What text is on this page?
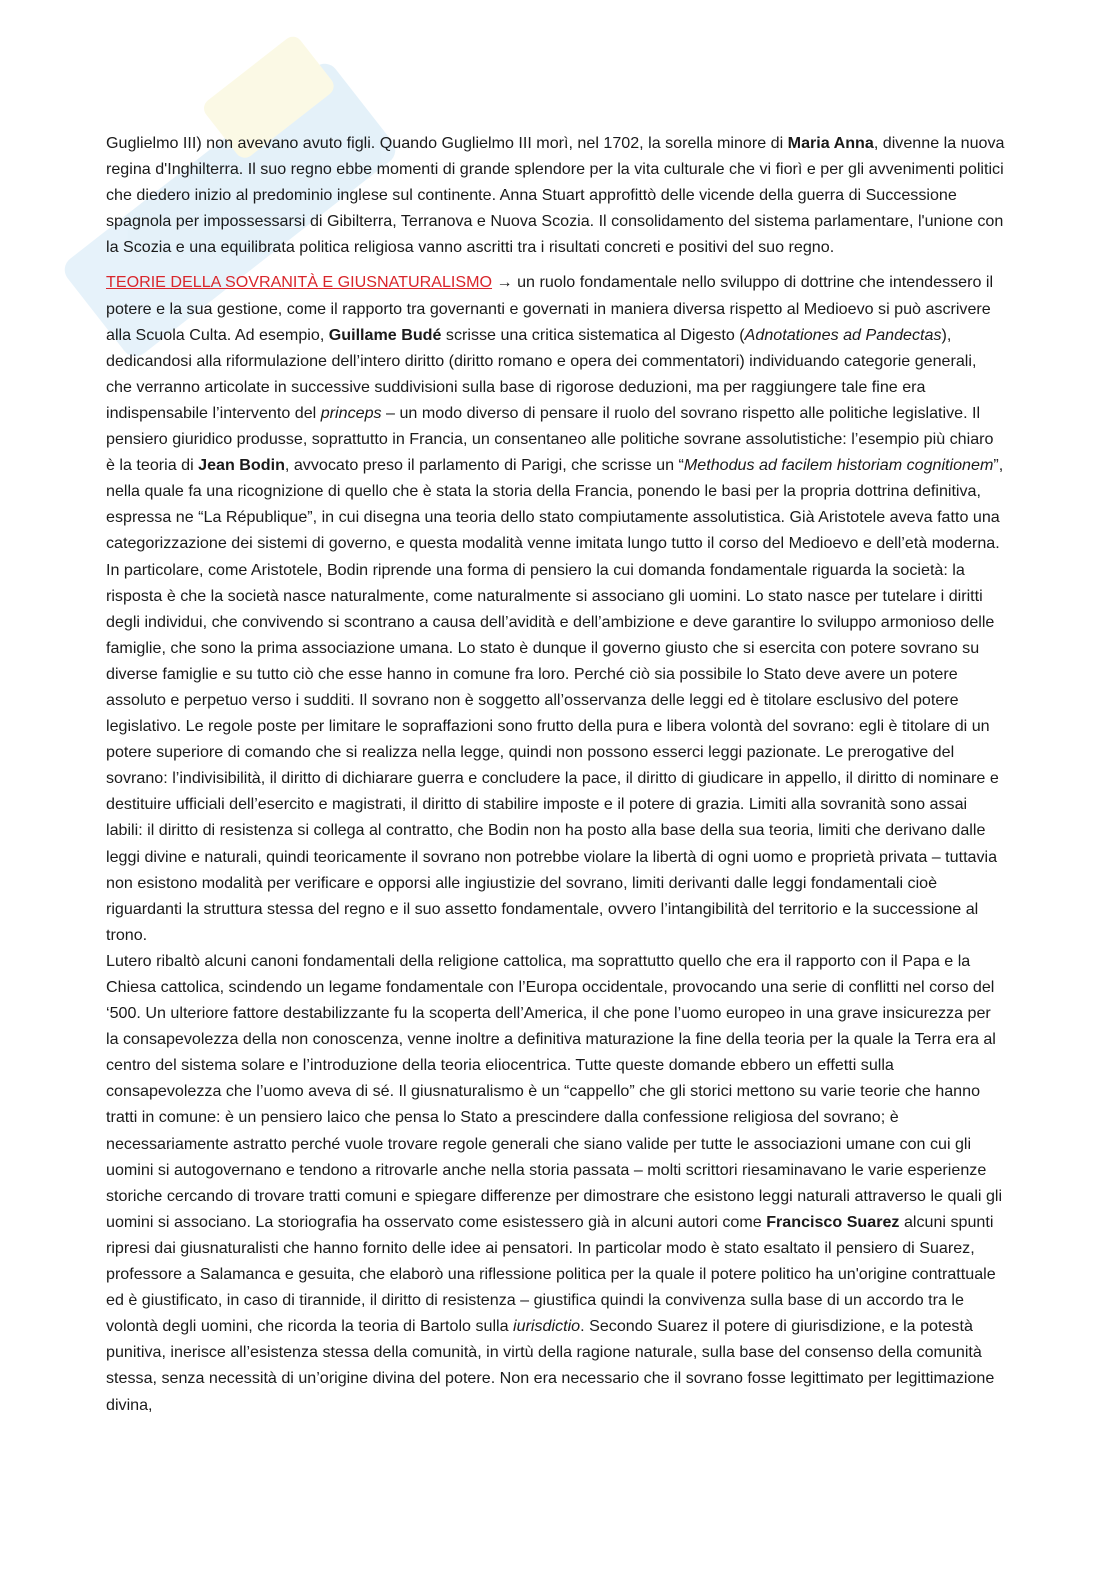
Guglielmo III) non avevano avuto figli. Quando Guglielmo III morì, nel 1702, la sorella minore di Maria Anna, divenne la nuova regina d'Inghilterra. Il suo regno ebbe momenti di grande splendore per la vita culturale che vi fiorì e per gli avvenimenti politici che diedero inizio al predominio inglese sul continente. Anna Stuart approfittò delle vicende della guerra di Successione spagnola per impossessarsi di Gibilterra, Terranova e Nuova Scozia. Il consolidamento del sistema parlamentare, l'unione con la Scozia e una equilibrata politica religiosa vanno ascritti tra i risultati concreti e positivi del suo regno.

TEORIE DELLA SOVRANITÀ E GIUSNATURALISMO → un ruolo fondamentale nello sviluppo di dottrine che intendessero il potere e la sua gestione, come il rapporto tra governanti e governati in maniera diversa rispetto al Medioevo si può ascrivere alla Scuola Culta. Ad esempio, Guillame Budé scrisse una critica sistematica al Digesto (Adnotationes ad Pandectas), dedicandosi alla riformulazione dell’intero diritto (diritto romano e opera dei commentatori) individuando categorie generali, che verranno articolate in successive suddivisioni sulla base di rigorose deduzioni, ma per raggiungere tale fine era indispensabile l’intervento del princeps – un modo diverso di pensare il ruolo del sovrano rispetto alle politiche legislative. Il pensiero giuridico produsse, soprattutto in Francia, un consentaneo alle politiche sovrane assolutistiche: l’esempio più chiaro è la teoria di Jean Bodin, avvocato preso il parlamento di Parigi, che scrisse un “Methodus ad facilem historiam cognitionem”, nella quale fa una ricognizione di quello che è stata la storia della Francia, ponendo le basi per la propria dottrina definitiva, espressa ne “La République”, in cui disegna una teoria dello stato compiutamente assolutistica. Già Aristotele aveva fatto una categorizzazione dei sistemi di governo, e questa modalità venne imitata lungo tutto il corso del Medioevo e dell’età moderna. In particolare, come Aristotele, Bodin riprende una forma di pensiero la cui domanda fondamentale riguarda la società: la risposta è che la società nasce naturalmente, come naturalmente si associano gli uomini. Lo stato nasce per tutelare i diritti degli individui, che convivendo si scontrano a causa dell’avidità e dell’ambizione e deve garantire lo sviluppo armonioso delle famiglie, che sono la prima associazione umana. Lo stato è dunque il governo giusto che si esercita con potere sovrano su diverse famiglie e su tutto ciò che esse hanno in comune fra loro. Perché ciò sia possibile lo Stato deve avere un potere assoluto e perpetuo verso i sudditi. Il sovrano non è soggetto all’osservanza delle leggi ed è titolare esclusivo del potere legislativo. Le regole poste per limitare le sopraffazioni sono frutto della pura e libera volontà del sovrano: egli è titolare di un potere superiore di comando che si realizza nella legge, quindi non possono esserci leggi pazionate. Le prerogative del sovrano: l’indivisibilità, il diritto di dichiarare guerra e concludere la pace, il diritto di giudicare in appello, il diritto di nominare e destituire ufficiali dell’esercito e magistrati, il diritto di stabilire imposte e il potere di grazia. Limiti alla sovranità sono assai labili: il diritto di resistenza si collega al contratto, che Bodin non ha posto alla base della sua teoria, limiti che derivano dalle leggi divine e naturali, quindi teoricamente il sovrano non potrebbe violare la libertà di ogni uomo e proprietà privata – tuttavia non esistono modalità per verificare e opporsi alle ingiustizie del sovrano, limiti derivanti dalle leggi fondamentali cioè riguardanti la struttura stessa del regno e il suo assetto fondamentale, ovvero l’intangibilità del territorio e la successione al trono.

Lutero ribaltò alcuni canoni fondamentali della religione cattolica, ma soprattutto quello che era il rapporto con il Papa e la Chiesa cattolica, scindendo un legame fondamentale con l’Europa occidentale, provocando una serie di conflitti nel corso del ‘500. Un ulteriore fattore destabilizzante fu la scoperta dell’America, il che pone l’uomo europeo in una grave insicurezza per la consapevolezza della non conoscenza, venne inoltre a definitiva maturazione la fine della teoria per la quale la Terra era al centro del sistema solare e l’introduzione della teoria eliocentrica. Tutte queste domande ebbero un effetti sulla consapevolezza che l’uomo aveva di sé. Il giusnaturalismo è un “cappello” che gli storici mettono su varie teorie che hanno tratti in comune: è un pensiero laico che pensa lo Stato a prescindere dalla confessione religiosa del sovrano; è necessariamente astratto perché vuole trovare regole generali che siano valide per tutte le associazioni umane con cui gli uomini si autogovernano e tendono a ritrovarle anche nella storia passata – molti scrittori riesaminavano le varie esperienze storiche cercando di trovare tratti comuni e spiegare differenze per dimostrare che esistono leggi naturali attraverso le quali gli uomini si associano. La storiografia ha osservato come esistessero già in alcuni autori come Francisco Suarez alcuni spunti ripresi dai giusnaturalisti che hanno fornito delle idee ai pensatori. In particolar modo è stato esaltato il pensiero di Suarez, professore a Salamanca e gesuita, che elaborò una riflessione politica per la quale il potere politico ha un'origine contrattuale ed è giustificato, in caso di tirannide, il diritto di resistenza – giustifica quindi la convivenza sulla base di un accordo tra le volontà degli uomini, che ricorda la teoria di Bartolo sulla iurisdictio. Secondo Suarez il potere di giurisdizione, e la potestà punitiva, inerisce all’esistenza stessa della comunità, in virtù della ragione naturale, sulla base del consenso della comunità stessa, senza necessità di un’origine divina del potere. Non era necessario che il sovrano fosse legittimato per legittimazione divina,
